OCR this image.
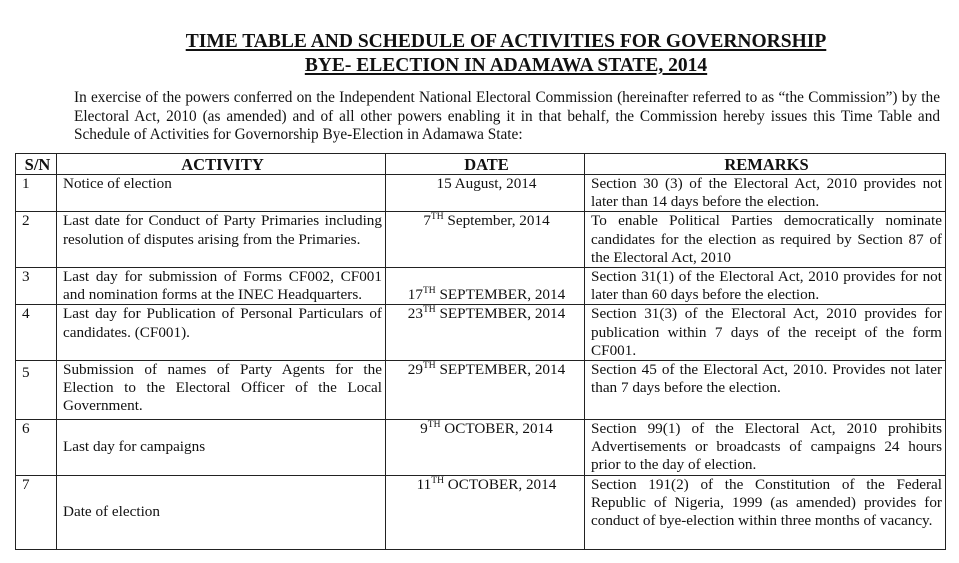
TIME TABLE AND SCHEDULE OF ACTIVITIES FOR GOVERNORSHIP
BYE- ELECTION IN ADAMAWA STATE, 2014
In exercise of the powers conferred on the Independent National Electoral Commission (hereinafter referred to as “the Commission”) by the Electoral Act, 2010 (as amended) and of all other powers enabling it in that behalf, the Commission hereby issues this Time Table and Schedule of Activities for Governorship Bye-Election in Adamawa State:
S/N	ACTIVITY	DATE	REMARKS
1	Notice of election	15 August, 2014	Section 30 (3) of the Electoral Act, 2010 provides not later than 14 days before the election.
2	Last date for Conduct of Party Primaries including resolution of disputes arising from the Primaries.	7TH September, 2014	To enable Political Parties democratically nominate candidates for the election as required by Section 87 of the Electoral Act, 2010
3	Last day for submission of Forms CF002, CF001 and nomination forms at the INEC Headquarters.	17TH SEPTEMBER, 2014	Section 31(1) of the Electoral Act, 2010 provides for not later than 60 days before the election.
4	Last day for Publication of Personal Particulars of candidates. (CF001).	23TH SEPTEMBER, 2014	Section 31(3) of the Electoral Act, 2010 provides for publication within 7 days of the receipt of the form CF001.
5	Submission of names of Party Agents for the Election to the Electoral Officer of the Local Government.	29TH SEPTEMBER, 2014	Section 45 of the Electoral Act, 2010. Provides not later than 7 days before the election.
6	Last day for campaigns	9TH OCTOBER, 2014	Section 99(1) of the Electoral Act, 2010 prohibits Advertisements or broadcasts of campaigns 24 hours prior to the day of election.
7	Date of election	11TH OCTOBER, 2014	Section 191(2) of the Constitution of the Federal Republic of Nigeria, 1999 (as amended) provides for conduct of bye-election within three months of vacancy.
